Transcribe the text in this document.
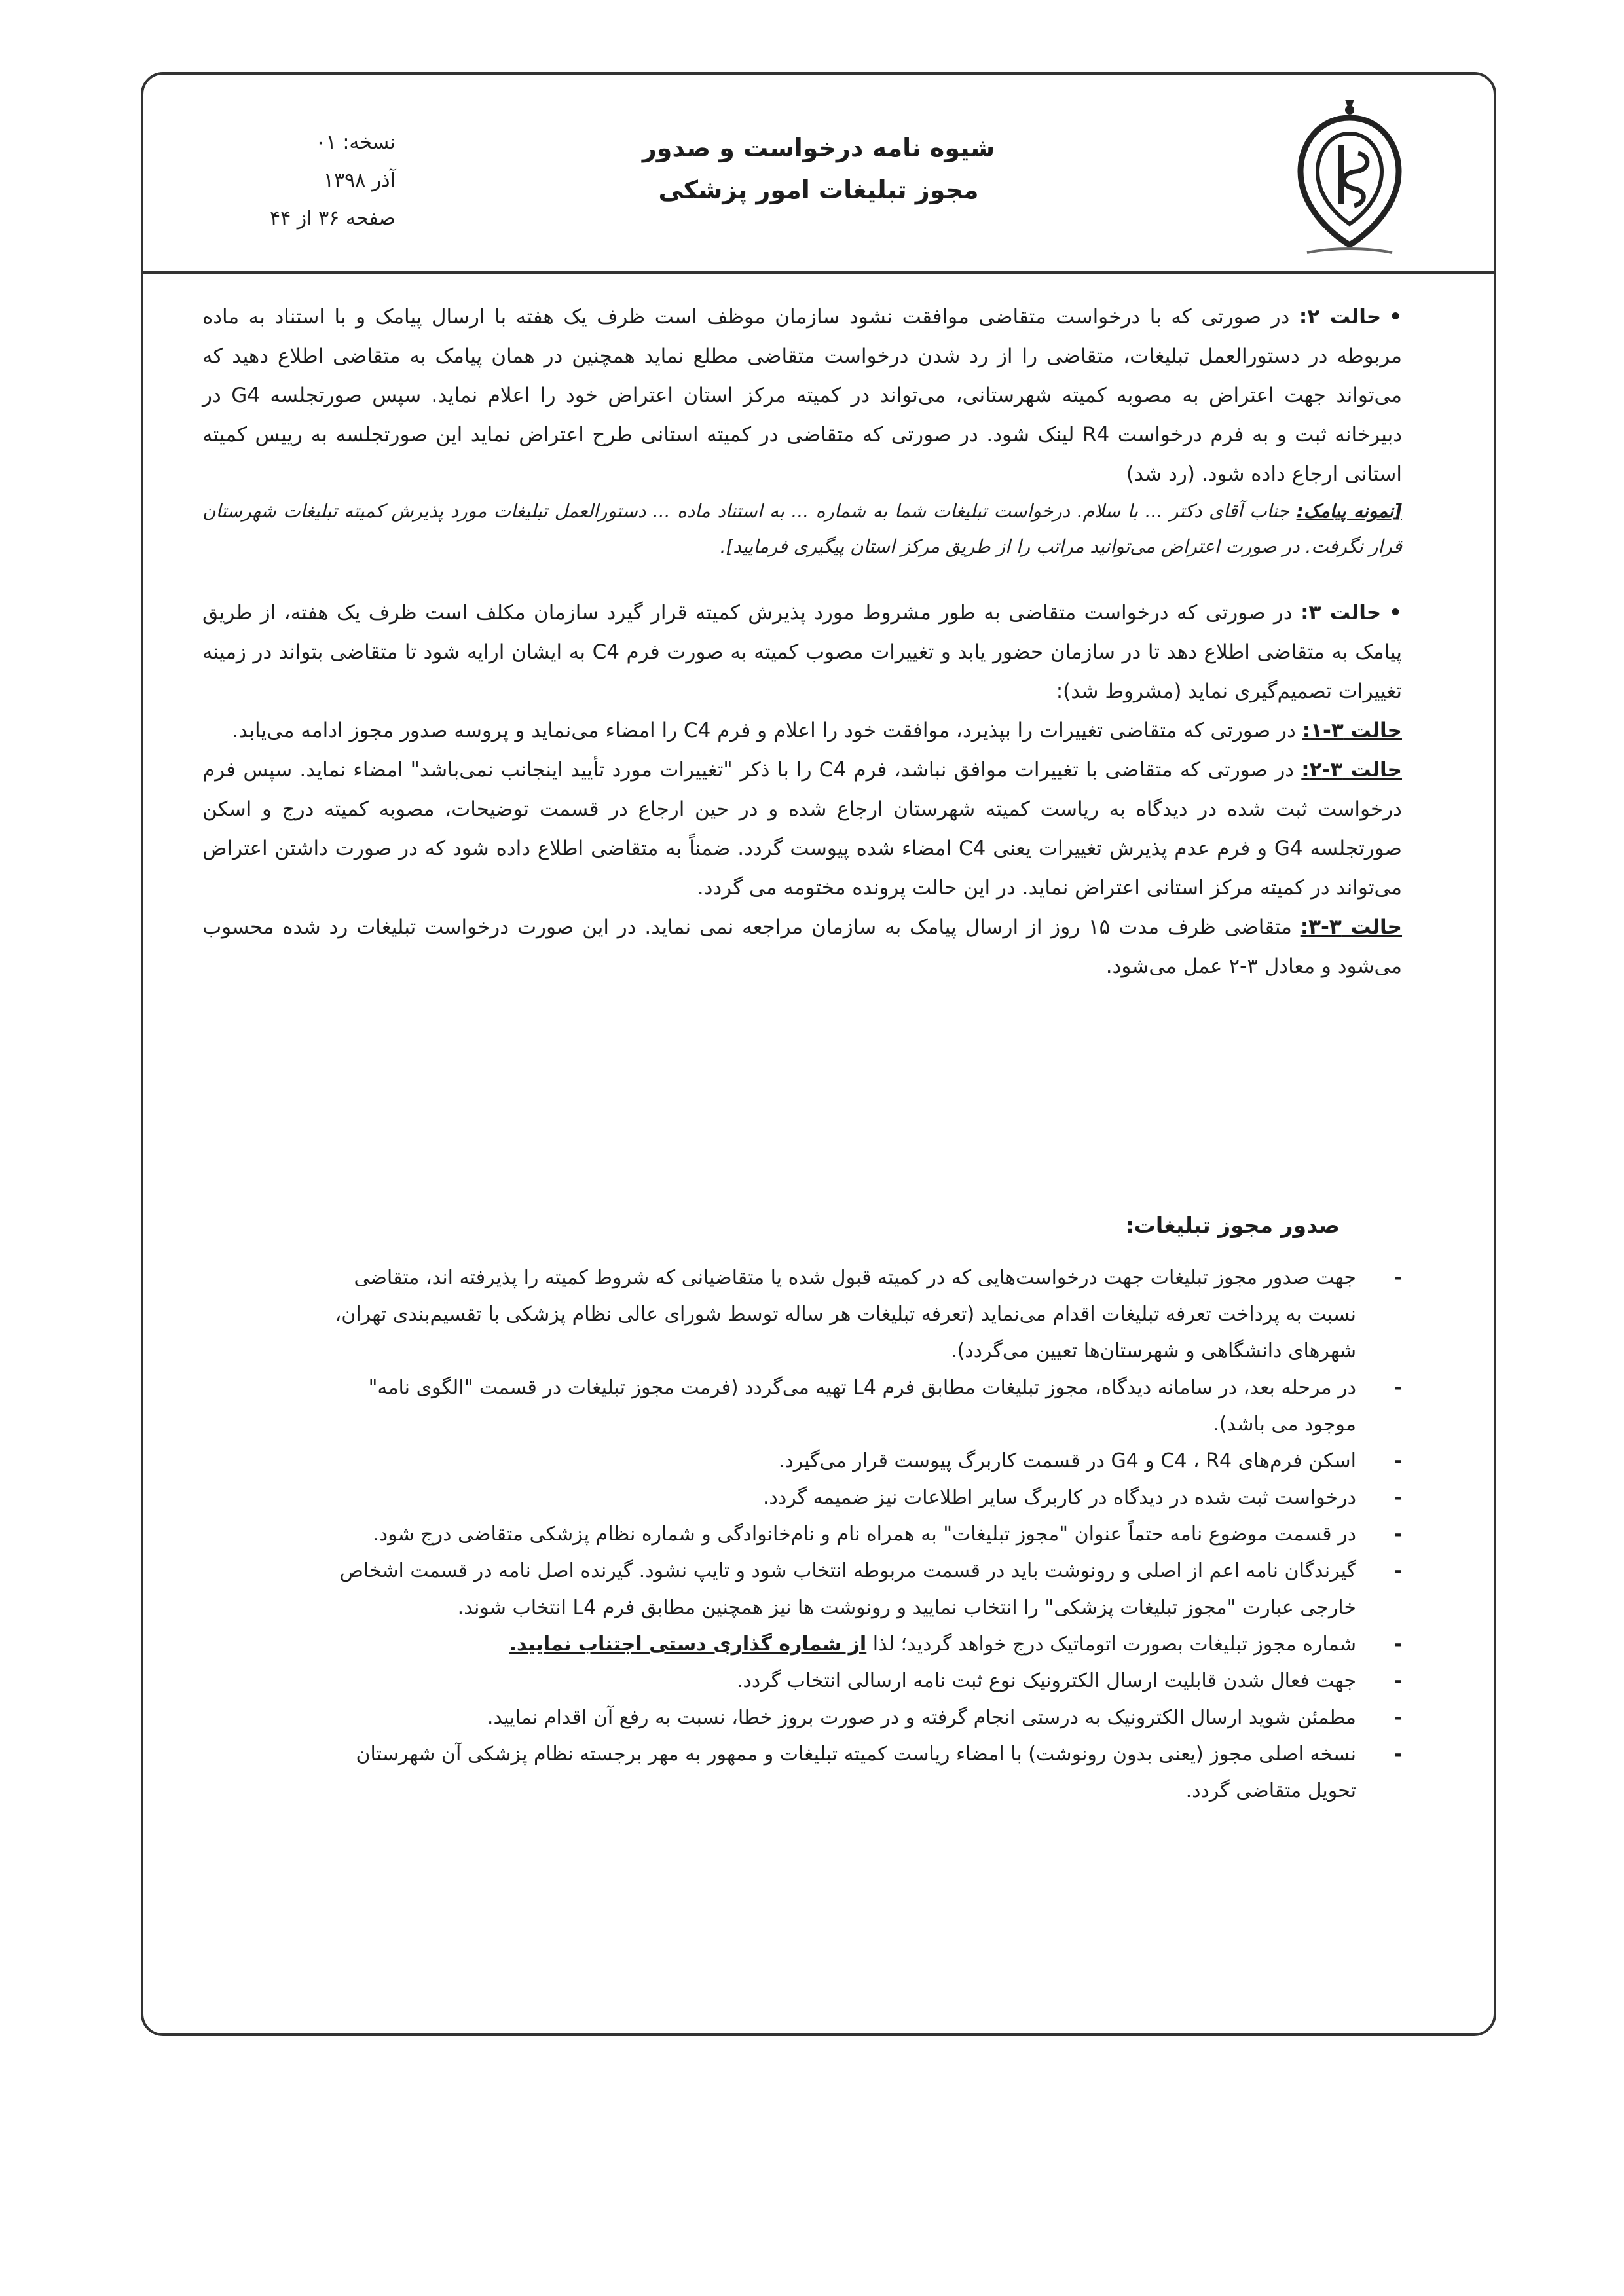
شیوه نامه درخواست و صدور
مجوز تبلیغات امور پزشکی
نسخه: ۰۱
آذر ۱۳۹۸
صفحه ۳۶ از ۴۴

• حالت ۲: در صورتی که با درخواست متقاضی موافقت نشود سازمان موظف است ظرف یک هفته با ارسال پیامک و با استناد به ماده مربوطه در دستورالعمل تبلیغات، متقاضی را از رد شدن درخواست متقاضی مطلع نماید همچنین در همان پیامک به متقاضی اطلاع دهید که می‌تواند جهت اعتراض به مصوبه کمیته شهرستانی، می‌تواند در کمیته مرکز استان اعتراض خود را اعلام نماید. سپس صورتجلسه G4 در دبیرخانه ثبت و به فرم درخواست R4 لینک شود. در صورتی که متقاضی در کمیته استانی طرح اعتراض نماید این صورتجلسه به رییس کمیته استانی ارجاع داده شود. (رد شد)

[نمونه پیامک: جناب آقای دکتر ... با سلام. درخواست تبلیغات شما به شماره ... به استناد ماده ... دستورالعمل تبلیغات مورد پذیرش کمیته تبلیغات شهرستان قرار نگرفت. در صورت اعتراض می‌توانید مراتب را از طریق مرکز استان پیگیری فرمایید].

• حالت ۳: در صورتی که درخواست متقاضی به طور مشروط مورد پذیرش کمیته قرار گیرد سازمان مکلف است ظرف یک هفته، از طریق پیامک به متقاضی اطلاع دهد تا در سازمان حضور یابد و تغییرات مصوب کمیته به صورت فرم C4 به ایشان ارایه شود تا متقاضی بتواند در زمینه تغییرات تصمیم‌گیری نماید (مشروط شد):

حالت ۳-۱: در صورتی که متقاضی تغییرات را بپذیرد، موافقت خود را اعلام و فرم C4 را امضاء می‌نماید و پروسه صدور مجوز ادامه می‌یابد.

حالت ۳-۲: در صورتی که متقاضی با تغییرات موافق نباشد، فرم C4 را با ذکر "تغییرات مورد تأیید اینجانب نمی‌باشد" امضاء نماید. سپس فرم درخواست ثبت شده در دیدگاه به ریاست کمیته شهرستان ارجاع شده و در حین ارجاع در قسمت توضیحات، مصوبه کمیته درج و اسکن صورتجلسه G4 و فرم عدم پذیرش تغییرات یعنی C4 امضاء شده پیوست گردد. ضمناً به متقاضی اطلاع داده شود که در صورت داشتن اعتراض می‌تواند در کمیته مرکز استانی اعتراض نماید. در این حالت پرونده مختومه می گردد.

حالت ۳-۳: متقاضی ظرف مدت ۱۵ روز از ارسال پیامک به سازمان مراجعه نمی نماید. در این صورت درخواست تبلیغات رد شده محسوب می‌شود و معادل ۳-۲ عمل می‌شود.

صدور مجوز تبلیغات:
- جهت صدور مجوز تبلیغات جهت درخواست‌هایی که در کمیته قبول شده یا متقاضیانی که شروط کمیته را پذیرفته اند، متقاضی نسبت به پرداخت تعرفه تبلیغات اقدام می‌نماید (تعرفه تبلیغات هر ساله توسط شورای عالی نظام پزشکی با تقسیم‌بندی تهران، شهرهای دانشگاهی و شهرستان‌ها تعیین می‌گردد).
- در مرحله بعد، در سامانه دیدگاه، مجوز تبلیغات مطابق فرم L4 تهیه می‌گردد (فرمت مجوز تبلیغات در قسمت "الگوی نامه" موجود می باشد).
- اسکن فرم‌های C4 ، R4 و G4 در قسمت کاربرگ پیوست قرار می‌گیرد.
- درخواست ثبت شده در دیدگاه در کاربرگ سایر اطلاعات نیز ضمیمه گردد.
- در قسمت موضوع نامه حتماً عنوان "مجوز تبلیغات" به همراه نام و نام‌خانوادگی و شماره نظام پزشکی متقاضی درج شود.
- گیرندگان نامه اعم از اصلی و رونوشت باید در قسمت مربوطه انتخاب شود و تایپ نشود. گیرنده اصل نامه در قسمت اشخاص خارجی عبارت "مجوز تبلیغات پزشکی" را انتخاب نمایید و رونوشت ها نیز همچنین مطابق فرم L4 انتخاب شوند.
- شماره مجوز تبلیغات بصورت اتوماتیک درج خواهد گردید؛ لذا از شماره گذاری دستی اجتناب نمایید.
- جهت فعال شدن قابلیت ارسال الکترونیک نوع ثبت نامه ارسالی انتخاب گردد.
- مطمئن شوید ارسال الکترونیک به درستی انجام گرفته و در صورت بروز خطا، نسبت به رفع آن اقدام نمایید.
- نسخه اصلی مجوز (یعنی بدون رونوشت) با امضاء ریاست کمیته تبلیغات و ممهور به مهر برجسته نظام پزشکی آن شهرستان تحویل متقاضی گردد.
